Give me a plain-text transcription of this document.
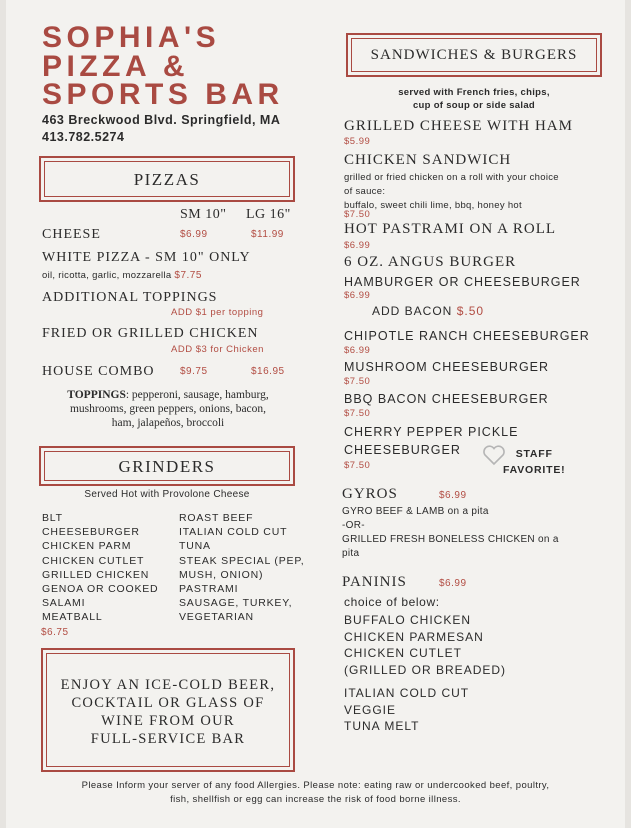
SOPHIA'S
PIZZA &
SPORTS BAR
463 Breckwood Blvd. Springfield, MA
413.782.5274
PIZZAS
SM 10" LG 16"
CHEESE	$6.99	$11.99
WHITE PIZZA - SM 10" ONLY
oil, ricotta, garlic, mozzarella $7.75
ADDITIONAL TOPPINGS
ADD $1 per topping
FRIED OR GRILLED CHICKEN
ADD $3 for Chicken
HOUSE COMBO	$9.75	$16.95
TOPPINGS: pepperoni, sausage, hamburg,
mushrooms, green peppers, onions, bacon,
ham, jalapeños, broccoli
GRINDERS
Served Hot with Provolone Cheese
BLT
CHEESEBURGER
CHICKEN PARM
CHICKEN CUTLET
GRILLED CHICKEN
GENOA OR COOKED
SALAMI
MEATBALL
ROAST BEEF
ITALIAN COLD CUT
TUNA
STEAK SPECIAL (PEP,
MUSH, ONION)
PASTRAMI
SAUSAGE, TURKEY,
VEGETARIAN
$6.75
ENJOY AN ICE-COLD BEER,
COCKTAIL OR GLASS OF
WINE FROM OUR
FULL-SERVICE BAR
SANDWICHES & BURGERS
served with French fries, chips,
cup of soup or side salad
GRILLED CHEESE WITH HAM
$5.99
CHICKEN SANDWICH
grilled or fried chicken on a roll with your choice
of sauce:
buffalo, sweet chili lime, bbq, honey hot
$7.50
HOT PASTRAMI ON A ROLL
$6.99
6 OZ. ANGUS BURGER
HAMBURGER OR CHEESEBURGER
$6.99
ADD BACON $.50
CHIPOTLE RANCH CHEESEBURGER
$6.99
MUSHROOM CHEESEBURGER
$7.50
BBQ BACON CHEESEBURGER
$7.50
CHERRY PEPPER PICKLE
CHEESEBURGER
$7.50
STAFF
FAVORITE!
GYROS	$6.99
GYRO BEEF & LAMB on a pita
-OR-
GRILLED FRESH BONELESS CHICKEN on a
pita
PANINIS	$6.99
choice of below:
BUFFALO CHICKEN
CHICKEN PARMESAN
CHICKEN CUTLET
(GRILLED OR BREADED)
ITALIAN COLD CUT
VEGGIE
TUNA MELT
Please Inform your server of any food Allergies. Please note: eating raw or undercooked beef, poultry,
fish, shellfish or egg can increase the risk of food borne illness.
